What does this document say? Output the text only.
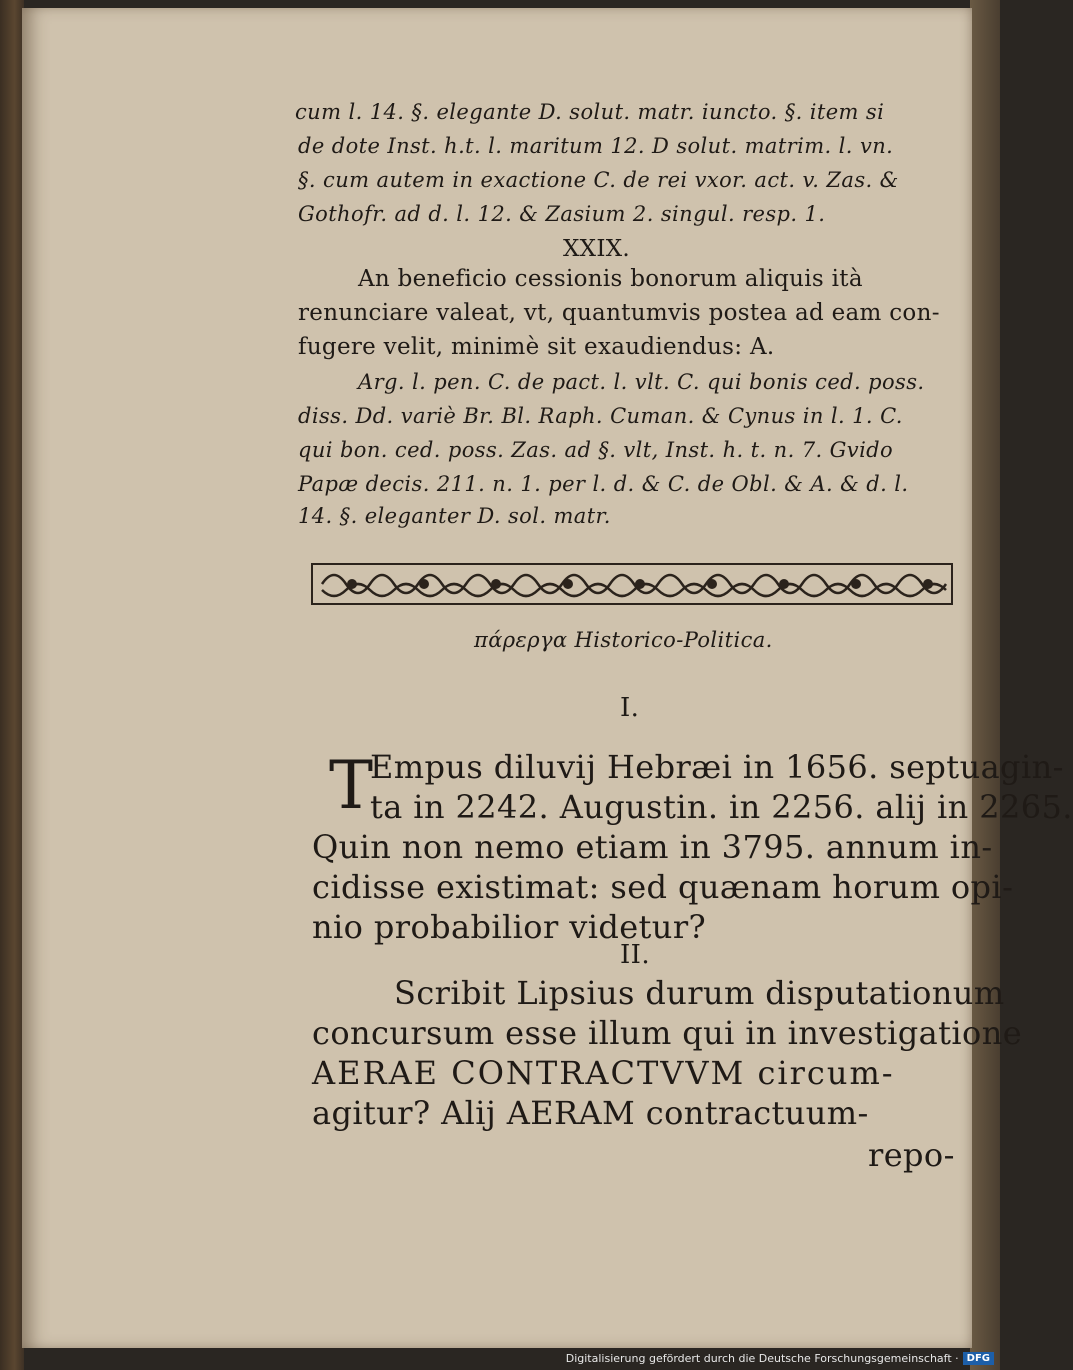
cum l. 14. §. elegante D. solut. matr. iuncto. §. item si
de dote Inst. h.t. l. maritum 12. D solut. matrim. l. vn.
§. cum autem in exactione C. de rei vxor. act. v. Zas. &
Gothofr. ad d. l. 12. & Zasium 2. singul. resp. 1.
XXIX.
An beneficio cessionis bonorum aliquis ità
renunciare valeat, vt, quantumvis postea ad eam con-
fugere velit, minimè sit exaudiendus: A.
Arg. l. pen. C. de pact. l. vlt. C. qui bonis ced. poss.
diss. Dd. variè Br. Bl. Raph. Cuman. & Cynus in l. 1. C.
qui bon. ced. poss. Zas. ad §. vlt, Inst. h. t. n. 7. Gvido
Papæ decis. 211. n. 1. per l. d. & C. de Obl. & A. & d. l.
14. §. eleganter D. sol. matr.
πάρεργα Historico-Politica.
I.
T
Empus diluvij Hebræi in 1656. septuagin-
ta in 2242. Augustin. in 2256. alij in 2265.
Quin non nemo etiam in 3795. annum in-
cidisse existimat: sed quænam horum opi-
nio probabilior videtur?
II.
Scribit Lipsius durum disputationum
concursum esse illum qui in investigatione
AERAE CONTRACTVVM circum-
agitur? Alij AERAM contractuum-
repo-
Digitalisierung gefördert durch die Deutsche Forschungsgemeinschaft · DFG
